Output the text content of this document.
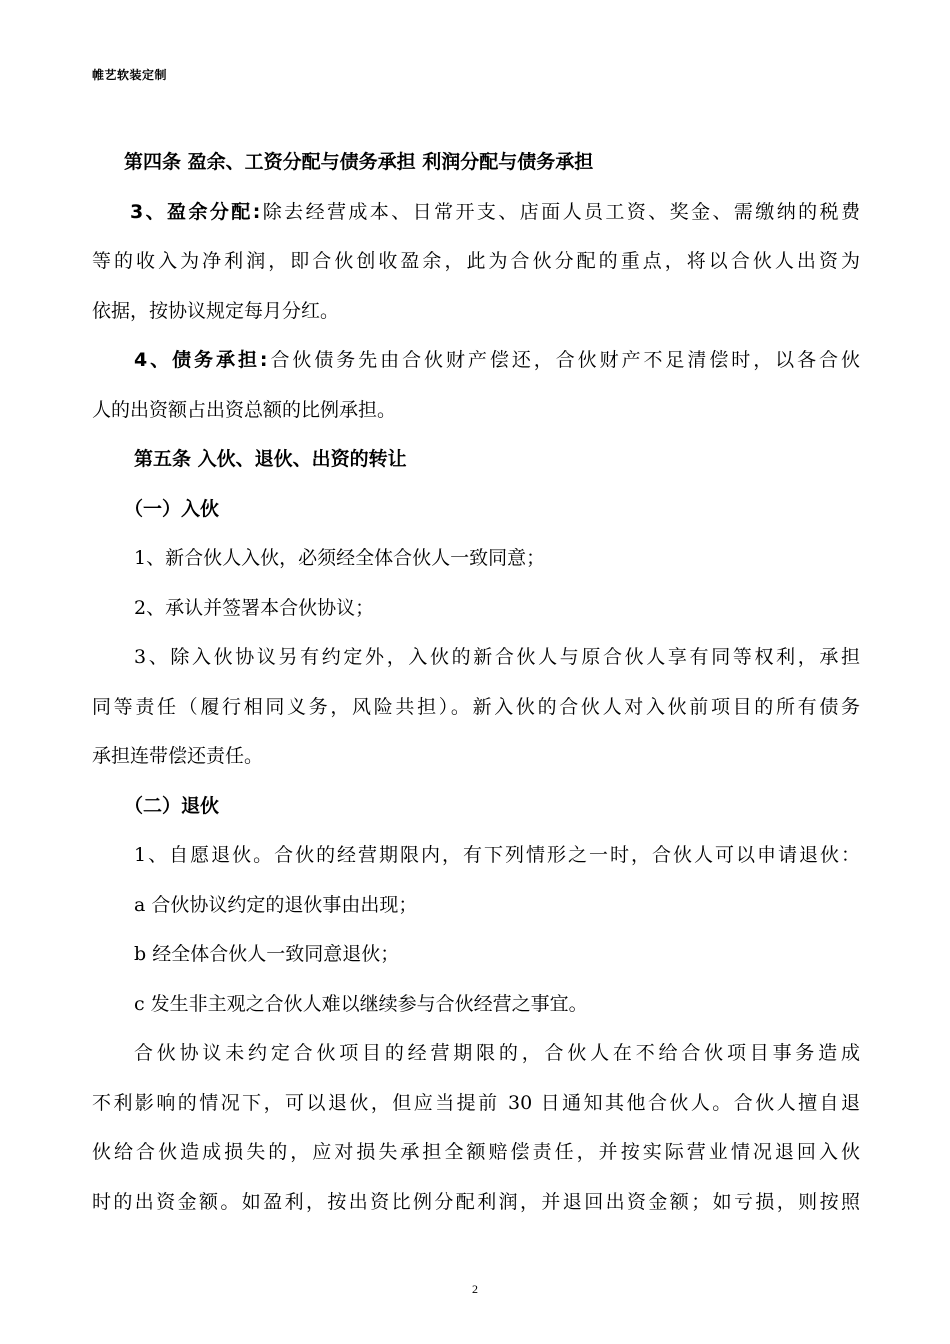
帷艺软装定制
第四条 盈余、工资分配与债务承担 利润分配与债务承担
3、盈余分配:除去经营成本、日常开支、店面人员工资、奖金、需缴纳的税费
等的收入为净利润，即合伙创收盈余，此为合伙分配的重点，将以合伙人出资为
依据，按协议规定每月分红。
4、债务承担:合伙债务先由合伙财产偿还，合伙财产不足清偿时，以各合伙
人的出资额占出资总额的比例承担。
第五条 入伙、退伙、出资的转让
（一）入伙
1、新合伙人入伙，必须经全体合伙人一致同意；
2、承认并签署本合伙协议；
3、除入伙协议另有约定外，入伙的新合伙人与原合伙人享有同等权利，承担
同等责任（履行相同义务，风险共担）。新入伙的合伙人对入伙前项目的所有债务
承担连带偿还责任。
（二）退伙
1、自愿退伙。合伙的经营期限内，有下列情形之一时，合伙人可以申请退伙：
a 合伙协议约定的退伙事由出现；
b 经全体合伙人一致同意退伙；
c 发生非主观之合伙人难以继续参与合伙经营之事宜。
合伙协议未约定合伙项目的经营期限的，合伙人在不给合伙项目事务造成
不利影响的情况下，可以退伙，但应当提前 30 日通知其他合伙人。合伙人擅自退
伙给合伙造成损失的，应对损失承担全额赔偿责任，并按实际营业情况退回入伙
时的出资金额。如盈利，按出资比例分配利润，并退回出资金额；如亏损，则按照
2
